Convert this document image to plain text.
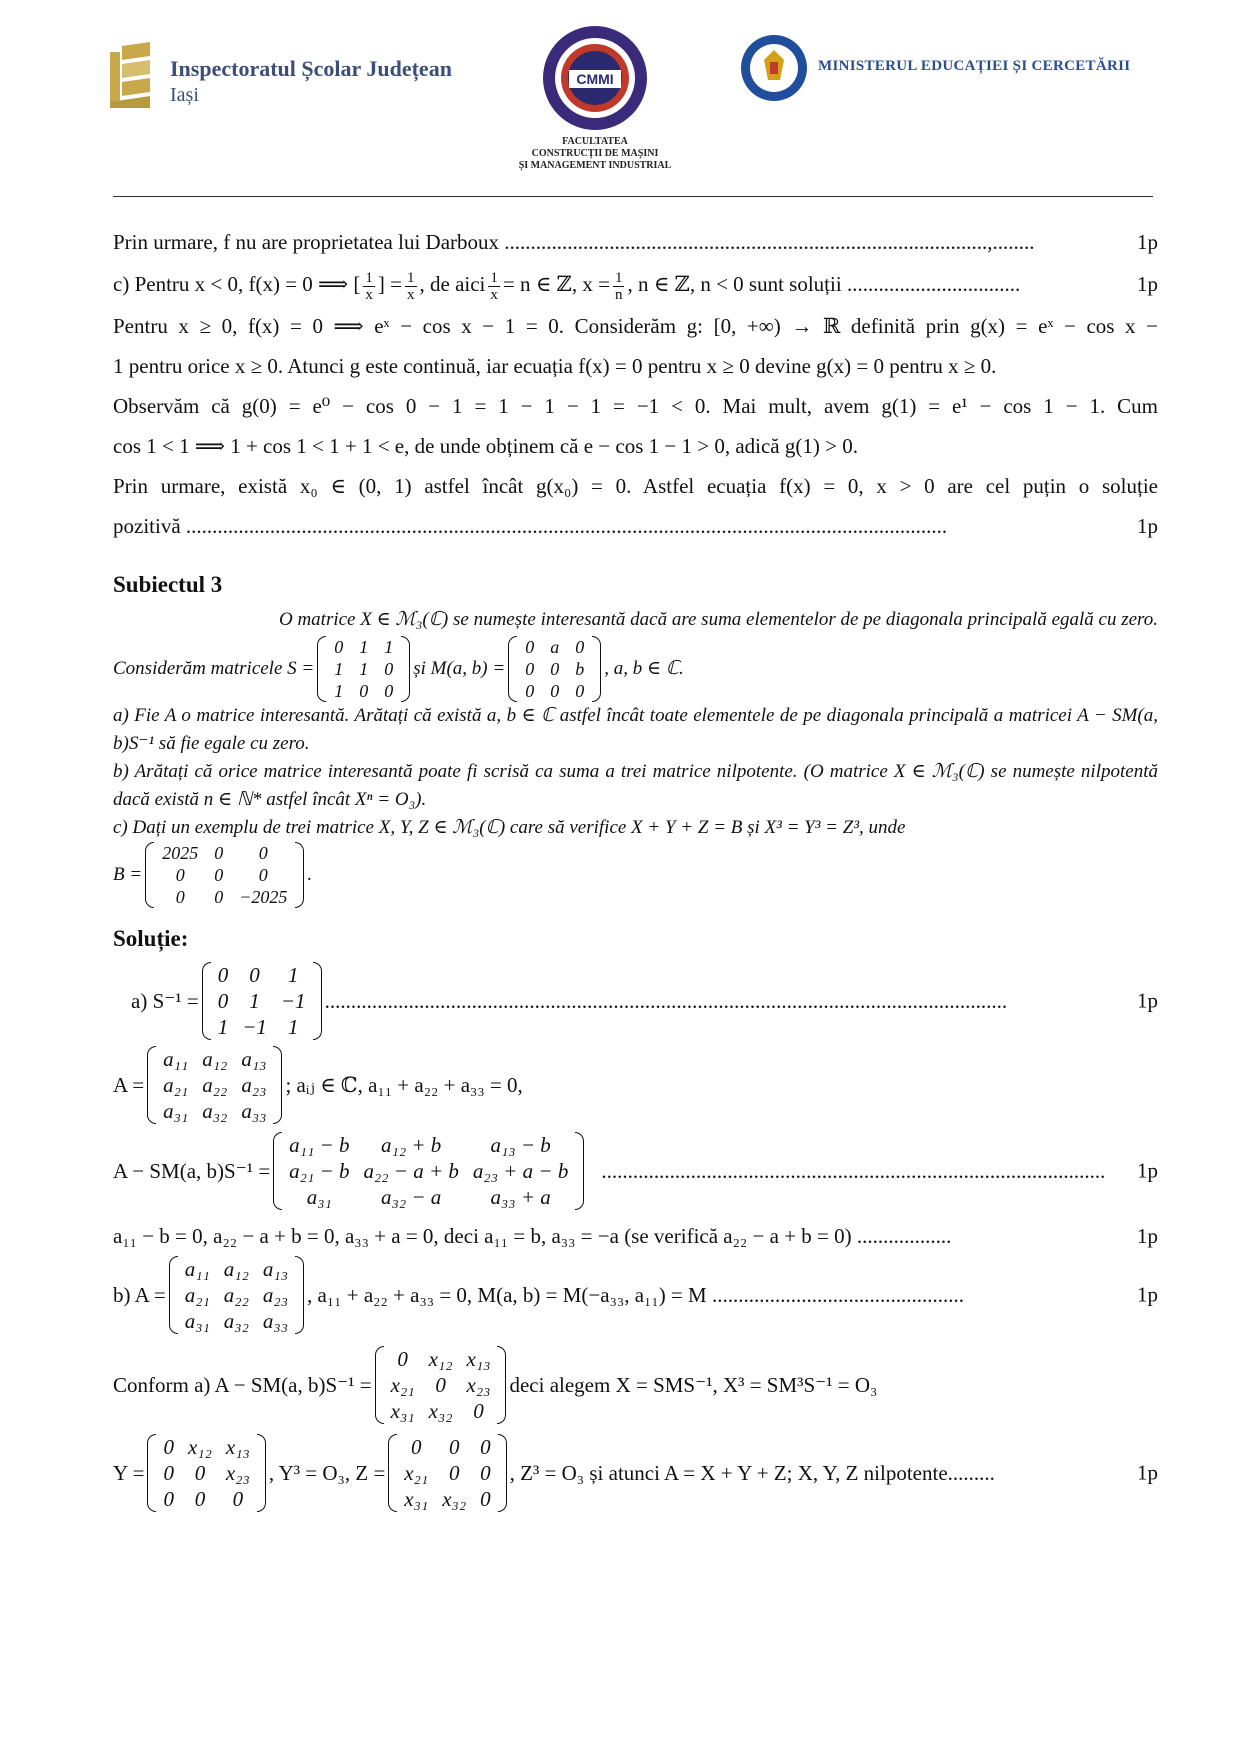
Inspectoratul Școlar Județean
Iași
CMMI
FACULTATEA
CONSTRUCȚII DE MAȘINI
ȘI MANAGEMENT INDUSTRIAL
MINISTERUL EDUCAȚIEI ȘI CERCETĂRII
Prin urmare, f nu are proprietatea lui Darboux ............................................................................................,........	1p
c) Pentru x < 0, f(x) = 0 ⟹ [ $\frac{1}{x}$ ] = $\frac{1}{x}$ , de aici $\frac{1}{x} = n$ ∈ ℤ, $x = \frac{1}{n}$ , n ∈ ℤ, n < 0 sunt soluții .................................	1p
Pentru x ≥ 0, f(x) = 0 ⟹ eˣ − cos x − 1 = 0. Considerăm g: [0, +∞) → ℝ definită prin g(x) = eˣ − cos x −
1 pentru orice x ≥ 0. Atunci g este continuă, iar ecuația f(x) = 0 pentru x ≥ 0 devine g(x) = 0 pentru x ≥ 0.
Observăm că g(0) = e⁰ − cos 0 − 1 = 1 − 1 − 1 = −1 < 0. Mai mult, avem g(1) = e¹ − cos 1 − 1. Cum
cos 1 < 1 ⟹ 1 + cos 1 < 1 + 1 < e, de unde obținem că e − cos 1 − 1 > 0, adică g(1) > 0.
Prin urmare, există x₀ ∈ (0, 1) astfel încât g(x₀) = 0. Astfel ecuația f(x) = 0, x > 0 are cel puțin o soluție
pozitivă .................................................................................................................................................	1p
Subiectul 3
O matrice X ∈ ℳ₃(ℂ) se numește interesantă dacă are suma elementelor de pe diagonala principală egală cu zero.
Considerăm matricele S =
0	1	1
1	1	0
1	0	0
și M(a, b) =
0	a	0
0	0	b
0	0	0
, a, b ∈ ℂ.
a) Fie A o matrice interesantă. Arătați că există a, b ∈ ℂ astfel încât toate elementele de pe diagonala principală a matricei A − SM(a, b)S⁻¹ să fie egale cu zero.
b) Arătați că orice matrice interesantă poate fi scrisă ca suma a trei matrice nilpotente. (O matrice X ∈ ℳ₃(ℂ) se numește nilpotentă dacă există n ∈ ℕ* astfel încât Xⁿ = O₃).
c) Dați un exemplu de trei matrice X, Y, Z ∈ ℳ₃(ℂ) care să verifice X + Y + Z = B și X³ = Y³ = Z³, unde
B =
2025	0	0
0	0	0
0	0	−2025
.
Soluție:
a) S⁻¹ =
0	0	1
0	1	−1
1	−1	1
..................................................................................................................................	1p
A =
a₁₁	a₁₂	a₁₃
a₂₁	a₂₂	a₂₃
a₃₁	a₃₂	a₃₃
; aᵢⱼ ∈ ℂ, a₁₁ + a₂₂ + a₃₃ = 0,
A − SM(a, b)S⁻¹ =
a₁₁ − b	a₁₂ + b	a₁₃ − b
a₂₁ − b	a₂₂ − a + b	a₂₃ + a − b
a₃₁	a₃₂ − a	a₃₃ + a
................................................................................................ 1p
a₁₁ − b = 0, a₂₂ − a + b = 0, a₃₃ + a = 0, deci a₁₁ = b, a₃₃ = −a (se verifică a₂₂ − a + b = 0) ..................	1p
b) A =
a₁₁	a₁₂	a₁₃
a₂₁	a₂₂	a₂₃
a₃₁	a₃₂	a₃₃
, a₁₁ + a₂₂ + a₃₃ = 0, M(a, b) = M(−a₃₃, a₁₁) = M ................................................	1p
Conform a) A − SM(a, b)S⁻¹ =
0	x₁₂	x₁₃
x₂₁	0	x₂₃
x₃₁	x₃₂	0
deci alegem X = SMS⁻¹, X³ = SM³S⁻¹ = O₃
Y =
0	x₁₂	x₁₃
0	0	x₂₃
0	0	0
, Y³ = O₃, Z =
0	0	0
x₂₁	0	0
x₃₁	x₃₂	0
, Z³ = O₃ și atunci A = X + Y + Z; X, Y, Z nilpotente.........	1p
